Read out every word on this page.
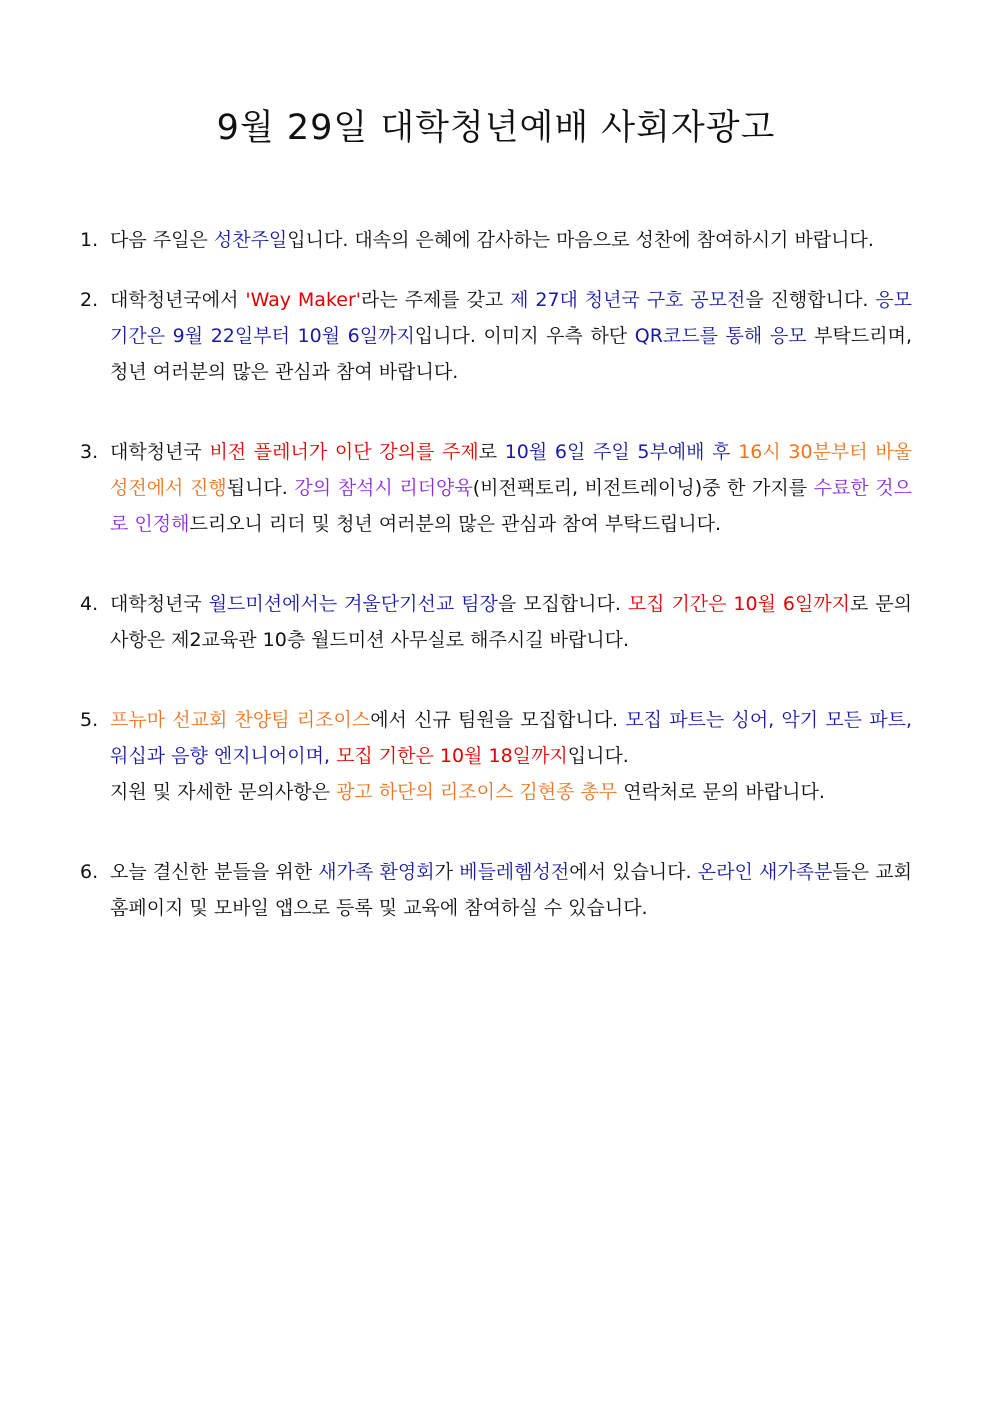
9월 29일 대학청년예배 사회자광고
1. 다음 주일은 성찬주일입니다. 대속의 은혜에 감사하는 마음으로 성찬에 참여하시기 바랍니다.
2. 대학청년국에서 'Way Maker'라는 주제를 갖고 제 27대 청년국 구호 공모전을 진행합니다. 응모 기간은 9월 22일부터 10월 6일까지입니다. 이미지 우측 하단 QR코드를 통해 응모 부탁드리며, 청년 여러분의 많은 관심과 참여 바랍니다.
3. 대학청년국 비전 플레너가 이단 강의를 주제로 10월 6일 주일 5부예배 후 16시 30분부터 바울 성전에서 진행됩니다. 강의 참석시 리더양육(비전팩토리, 비전트레이닝)중 한 가지를 수료한 것으로 인정해드리오니 리더 및 청년 여러분의 많은 관심과 참여 부탁드립니다.
4. 대학청년국 월드미션에서는 겨울단기선교 팀장을 모집합니다. 모집 기간은 10월 6일까지로 문의사항은 제2교육관 10층 월드미션 사무실로 해주시길 바랍니다.
5. 프뉴마 선교회 찬양팀 리조이스에서 신규 팀원을 모집합니다. 모집 파트는 싱어, 악기 모든 파트, 워십과 음향 엔지니어이며, 모집 기한은 10월 18일까지입니다.
지원 및 자세한 문의사항은 광고 하단의 리조이스 김현종 총무 연락처로 문의 바랍니다.
6. 오늘 결신한 분들을 위한 새가족 환영회가 베들레헴성전에서 있습니다. 온라인 새가족분들은 교회 홈페이지 및 모바일 앱으로 등록 및 교육에 참여하실 수 있습니다.
